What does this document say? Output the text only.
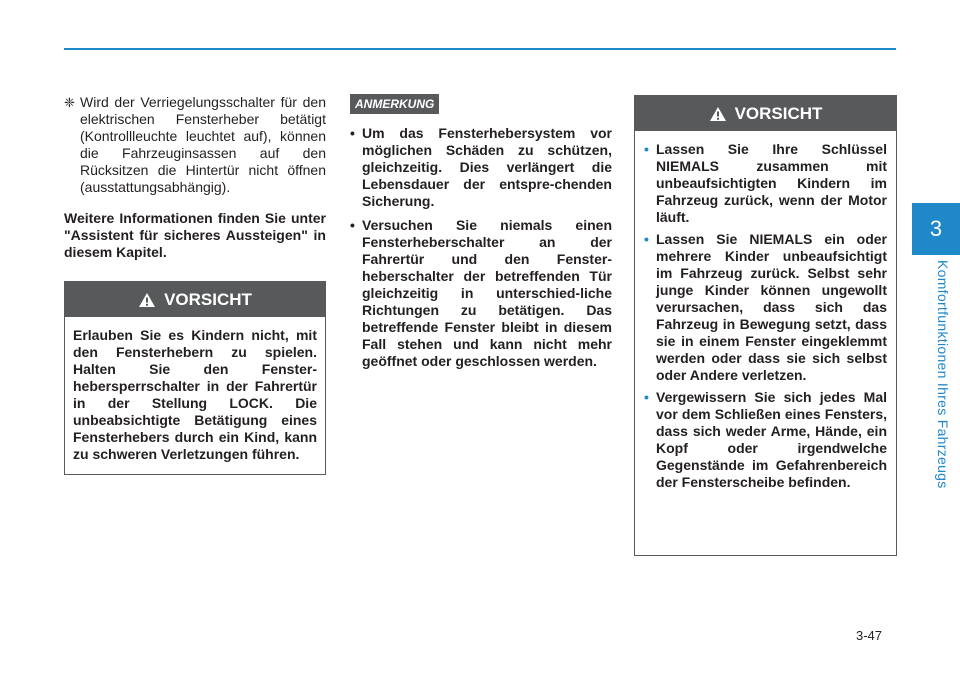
3
Komfortfunktionen Ihres Fahrzeugs
❈ Wird der Verriegelungsschalter für den elektrischen Fensterheber betätigt (Kontrollleuchte leuchtet auf), können die Fahrzeuginsassen auf den Rücksitzen die Hintertür nicht öffnen (ausstattungsabhängig).

Weitere Informationen finden Sie unter "Assistent für sicheres Aussteigen" in diesem Kapitel.

VORSICHT
Erlauben Sie es Kindern nicht, mit den Fensterhebern zu spielen. Halten Sie den Fenster-hebersperrschalter in der Fahrertür in der Stellung LOCK. Die unbeabsichtigte Betätigung eines Fensterhebers durch ein Kind, kann zu schweren Verletzungen führen.
ANMERKUNG
• Um das Fensterhebersystem vor möglichen Schäden zu schützen, gleichzeitig. Dies verlängert die Lebensdauer der entspre-chenden Sicherung.
• Versuchen Sie niemals einen Fensterheberschalter an der Fahrertür und den Fenster-heberschalter der betreffenden Tür gleichzeitig in unterschied-liche Richtungen zu betätigen. Das betreffende Fenster bleibt in diesem Fall stehen und kann nicht mehr geöffnet oder geschlossen werden.
VORSICHT
• Lassen Sie Ihre Schlüssel NIEMALS zusammen mit unbeaufsichtigten Kindern im Fahrzeug zurück, wenn der Motor läuft.
• Lassen Sie NIEMALS ein oder mehrere Kinder unbeaufsichtigt im Fahrzeug zurück. Selbst sehr junge Kinder können ungewollt verursachen, dass sich das Fahrzeug in Bewegung setzt, dass sie in einem Fenster eingeklemmt werden oder dass sie sich selbst oder Andere verletzen.
• Vergewissern Sie sich jedes Mal vor dem Schließen eines Fensters, dass sich weder Arme, Hände, ein Kopf oder irgendwelche Gegenstände im Gefahrenbereich der Fensterscheibe befinden.
3-47
